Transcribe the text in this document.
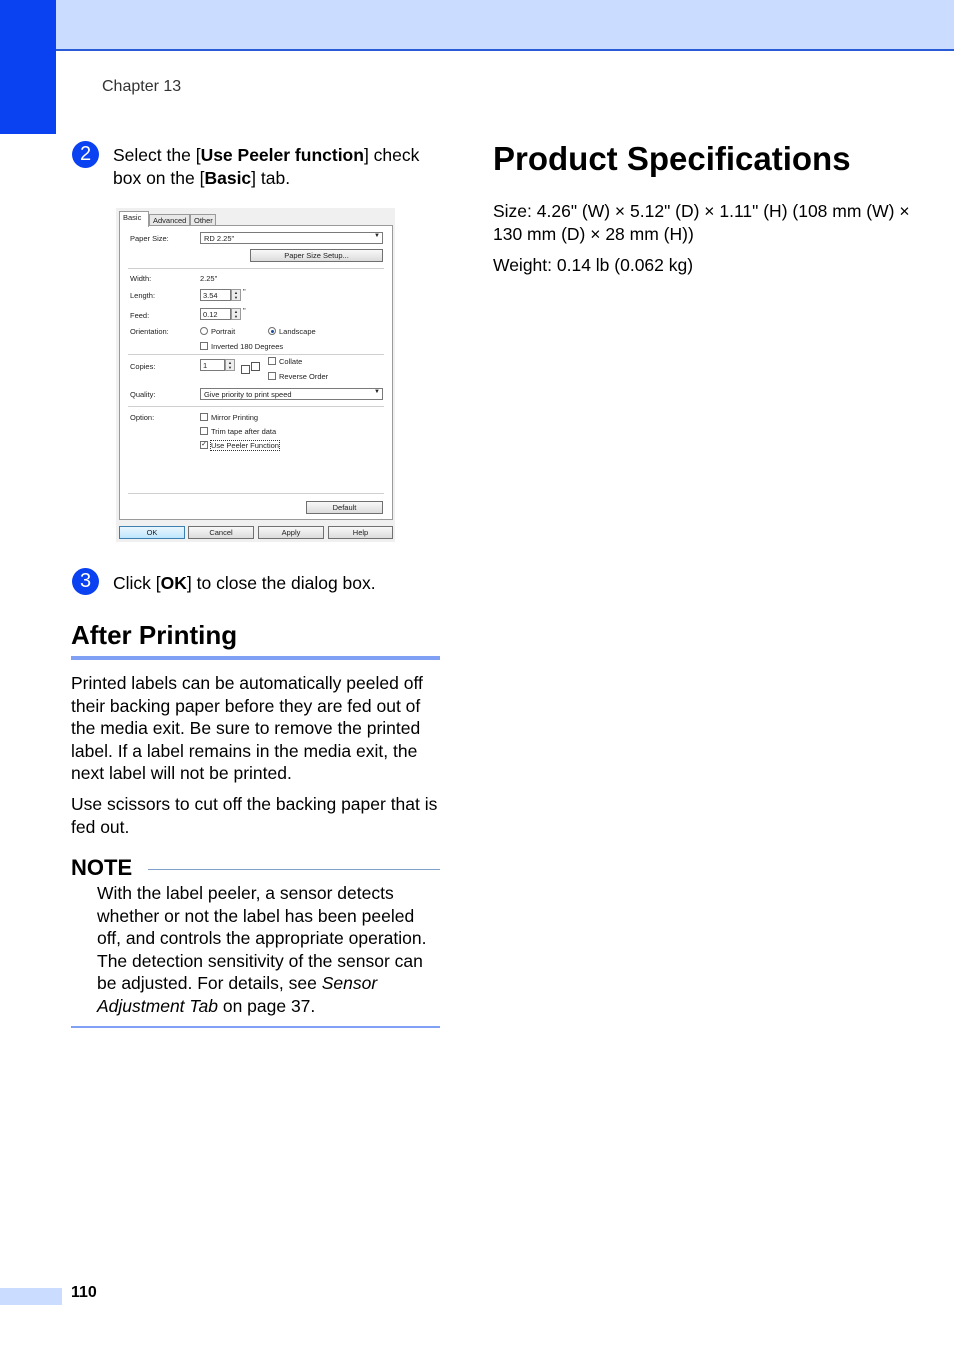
Chapter 13
2	Select the [Use Peeler function] check box on the [Basic] tab.
Basic	Advanced	Other
Paper Size:	RD 2.25"	▼
Paper Size Setup...
Width:	2.25"
Length:	3.54	▲
▼
"
Feed:	0.12	▲
▼
"
Orientation:	Portrait	Landscape
Inverted 180 Degrees
Copies:	1	▲
▼
Collate
Reverse Order
Quality:	Give priority to print speed	▼
Option:	Mirror Printing
Trim tape after data
✓ Use Peeler Function
Default
OK	Cancel	Apply	Help
3	Click [OK] to close the dialog box.
After Printing

Printed labels can be automatically peeled off their backing paper before they are fed out of the media exit. Be sure to remove the printed label. If a label remains in the media exit, the next label will not be printed.

Use scissors to cut off the backing paper that is fed out.

NOTE

With the label peeler, a sensor detects whether or not the label has been peeled off, and controls the appropriate operation. The detection sensitivity of the sensor can be adjusted. For details, see Sensor Adjustment Tab on page 37.

Product Specifications

Size: 4.26" (W) × 5.12" (D) × 1.11" (H) (108 mm (W) × 130 mm (D) × 28 mm (H))

Weight: 0.14 lb (0.062 kg)

110
